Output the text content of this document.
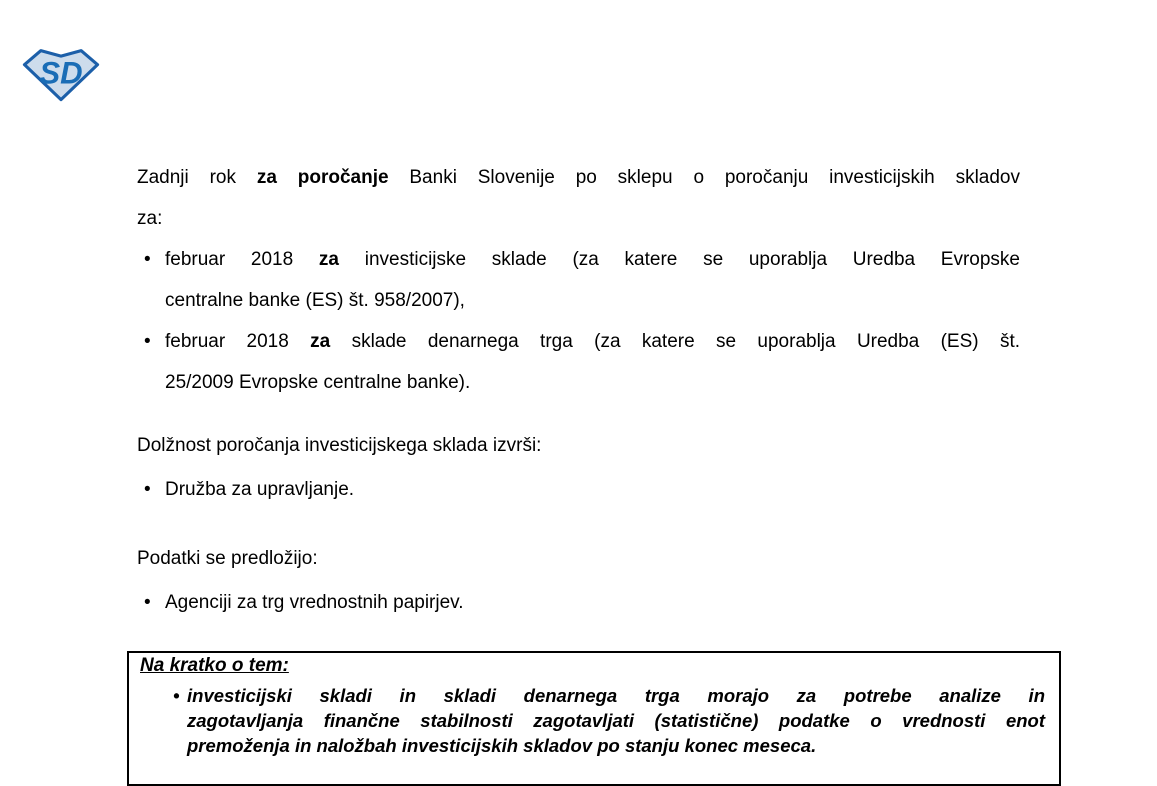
SD
Zadnji rok za poročanje Banki Slovenije po sklepu o poročanju investicijskih skladov
za:
• februar 2018 za investicijske sklade (za katere se uporablja Uredba Evropske
centralne banke (ES) št. 958/2007),
• februar 2018 za sklade denarnega trga (za katere se uporablja Uredba (ES) št.
25/2009 Evropske centralne banke).
Dolžnost poročanja investicijskega sklada izvrši:
• Družba za upravljanje.
Podatki se predložijo:
• Agenciji za trg vrednostnih papirjev.
Na kratko o tem:
• investicijski skladi in skladi denarnega trga morajo za potrebe analize in
zagotavljanja finančne stabilnosti zagotavljati (statistične) podatke o vrednosti enot
premoženja in naložbah investicijskih skladov po stanju konec meseca.
